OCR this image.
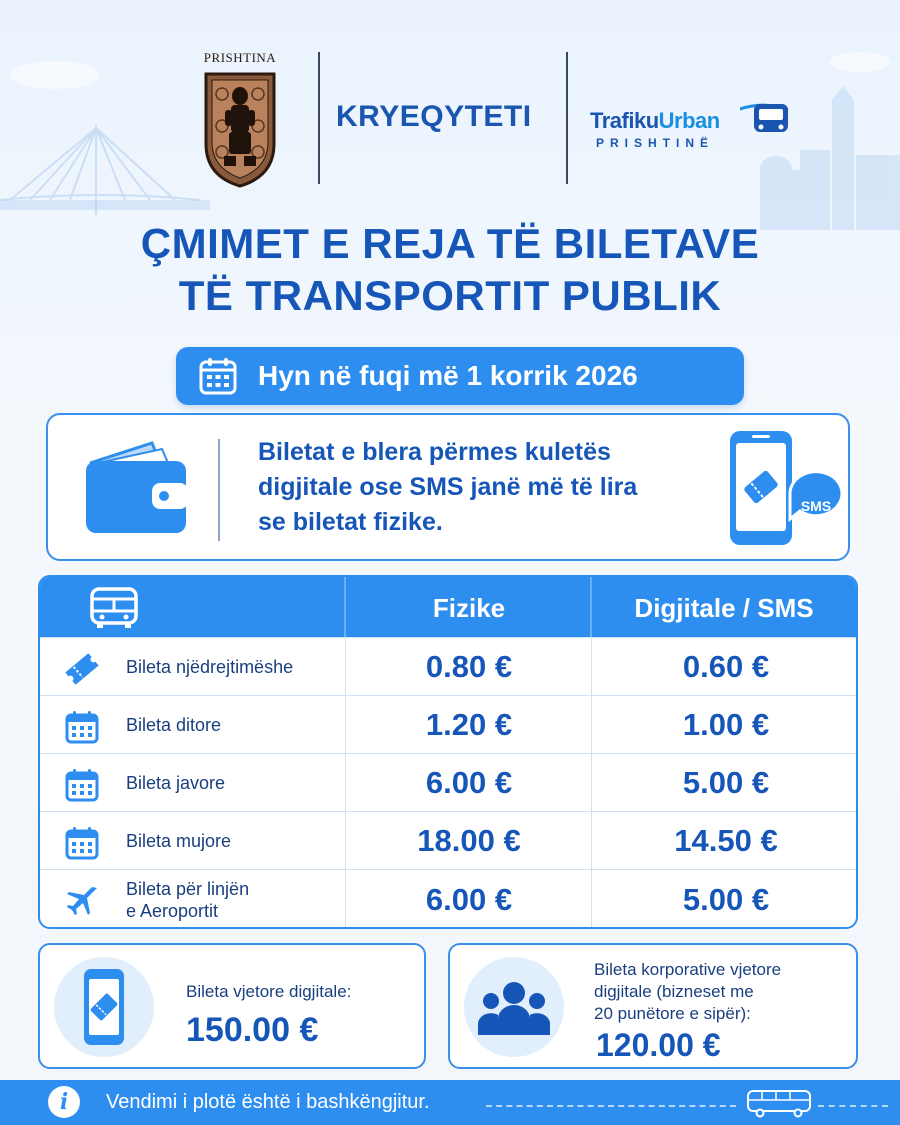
PRISHTINA
KRYEQYTETI	TrafikuUrban
PRISHTINË
ÇMIMET E REJA TË BILETAVE
TË TRANSPORTIT PUBLIK
Hyn në fuqi më 1 korrik 2026
Biletat e blera përmes kuletës
digjitale ose SMS janë më të lira
se biletat fizike.
SMS
Fizike	Digjitale / SMS
Bileta njëdrejtimëshe	0.80 €	0.60 €
Bileta ditore	1.20 €	1.00 €
Bileta javore	6.00 €	5.00 €
Bileta mujore	18.00 €	14.50 €
Bileta për linjën
e Aeroportit	6.00 €	5.00 €
Bileta vjetore digjitale:
150.00 €
Bileta korporative vjetore
digjitale (bizneset me
20 punëtore e sipër):
120.00 €
i	Vendimi i plotë është i bashkëngjitur.
